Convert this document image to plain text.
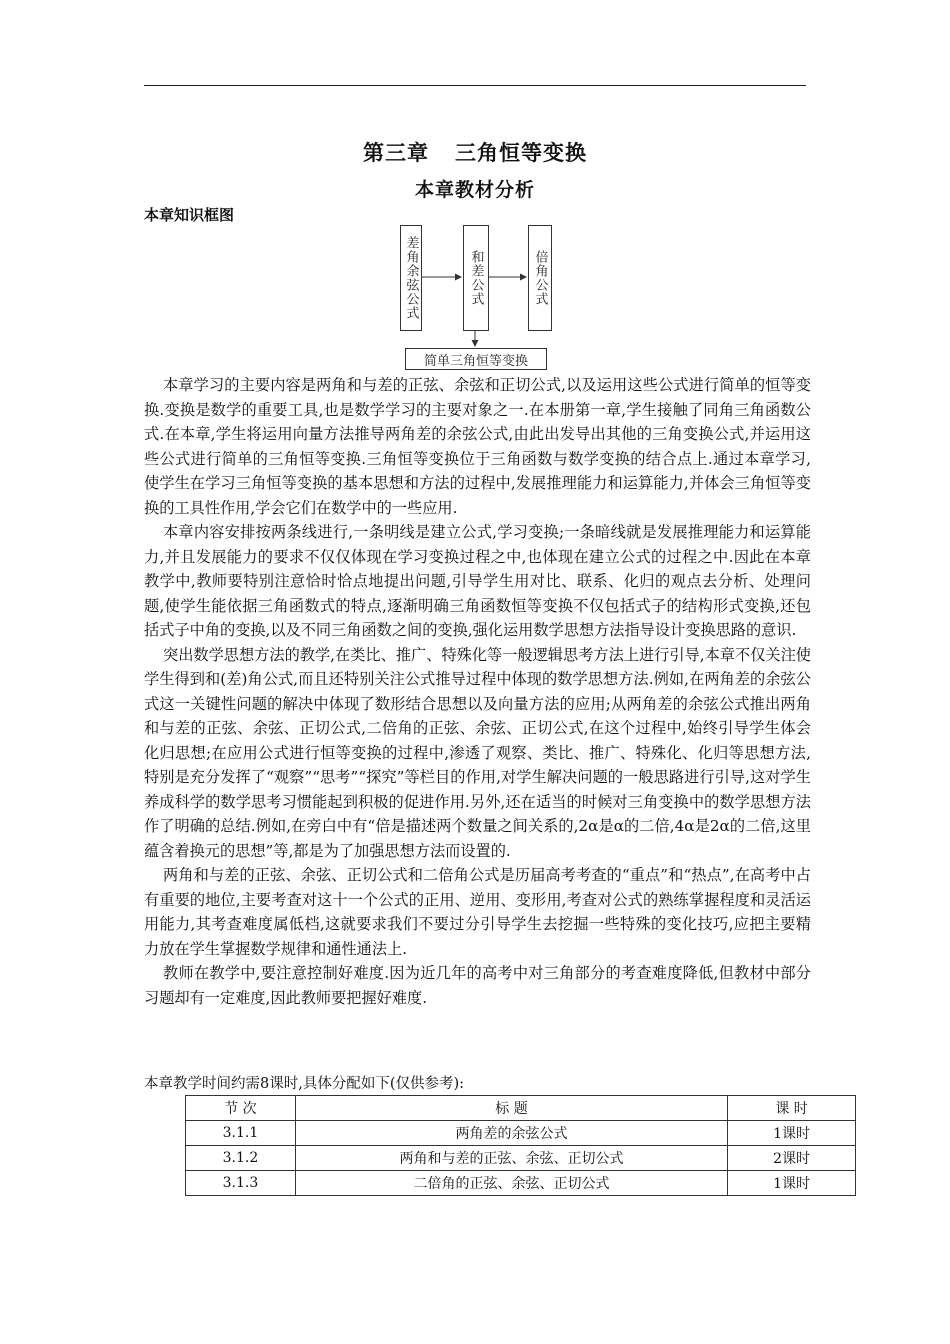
第三章 三角恒等变换
本章教材分析
本章知识框图
差角余弦公式	和差公式	倍角公式
简单三角恒等变换

本章学习的主要内容是两角和与差的正弦、余弦和正切公式,以及运用这些公式进行简单的恒等变换.变换是数学的重要工具,也是数学学习的主要对象之一.在本册第一章,学生接触了同角三角函数公式.在本章,学生将运用向量方法推导两角差的余弦公式,由此出发导出其他的三角变换公式,并运用这些公式进行简单的三角恒等变换.三角恒等变换位于三角函数与数学变换的结合点上.通过本章学习,使学生在学习三角恒等变换的基本思想和方法的过程中,发展推理能力和运算能力,并体会三角恒等变换的工具性作用,学会它们在数学中的一些应用.

本章内容安排按两条线进行,一条明线是建立公式,学习变换;一条暗线就是发展推理能力和运算能力,并且发展能力的要求不仅仅体现在学习变换过程之中,也体现在建立公式的过程之中.因此在本章教学中,教师要特别注意恰时恰点地提出问题,引导学生用对比、联系、化归的观点去分析、处理问题,使学生能依据三角函数式的特点,逐渐明确三角函数恒等变换不仅包括式子的结构形式变换,还包括式子中角的变换,以及不同三角函数之间的变换,强化运用数学思想方法指导设计变换思路的意识.

突出数学思想方法的教学,在类比、推广、特殊化等一般逻辑思考方法上进行引导,本章不仅关注使学生得到和(差)角公式,而且还特别关注公式推导过程中体现的数学思想方法.例如,在两角差的余弦公式这一关键性问题的解决中体现了数形结合思想以及向量方法的应用;从两角差的余弦公式推出两角和与差的正弦、余弦、正切公式,二倍角的正弦、余弦、正切公式,在这个过程中,始终引导学生体会化归思想;在应用公式进行恒等变换的过程中,渗透了观察、类比、推广、特殊化、化归等思想方法,特别是充分发挥了“观察”“思考”“探究”等栏目的作用,对学生解决问题的一般思路进行引导,这对学生养成科学的数学思考习惯能起到积极的促进作用.另外,还在适当的时候对三角变换中的数学思想方法作了明确的总结.例如,在旁白中有“倍是描述两个数量之间关系的,2α是α的二倍,4α是2α的二倍,这里蕴含着换元的思想”等,都是为了加强思想方法而设置的.

两角和与差的正弦、余弦、正切公式和二倍角公式是历届高考考查的“重点”和“热点”,在高考中占有重要的地位,主要考查对这十一个公式的正用、逆用、变形用,考查对公式的熟练掌握程度和灵活运用能力,其考查难度属低档,这就要求我们不要过分引导学生去挖掘一些特殊的变化技巧,应把主要精力放在学生掌握数学规律和通性通法上.

教师在教学中,要注意控制好难度.因为近几年的高考中对三角部分的考查难度降低,但教材中部分习题却有一定难度,因此教师要把握好难度.

本章教学时间约需8课时,具体分配如下(仅供参考):
节 次	标 题	课 时
3.1.1	两角差的余弦公式	1课时
3.1.2	两角和与差的正弦、余弦、正切公式	2课时
3.1.3	二倍角的正弦、余弦、正切公式	1课时
